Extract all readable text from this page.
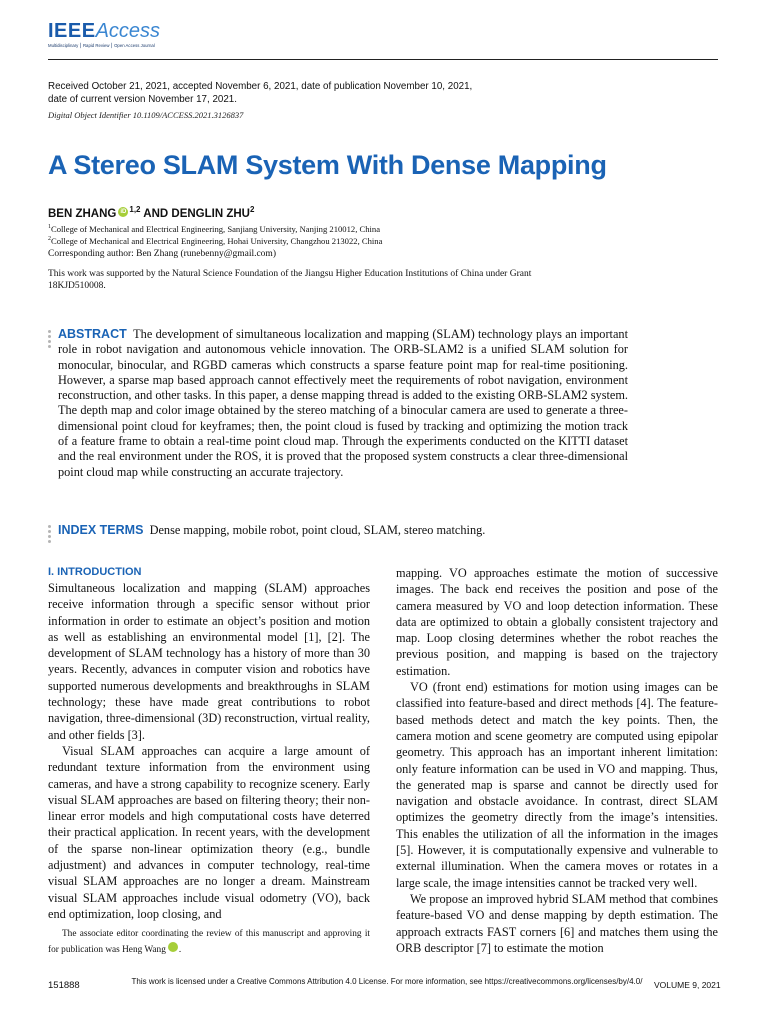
IEEEAccess
Multidisciplinary ⎮ Rapid Review ⎮ Open Access Journal
Received October 21, 2021, accepted November 6, 2021, date of publication November 10, 2021, date of current version November 17, 2021.
Digital Object Identifier 10.1109/ACCESS.2021.3126837
A Stereo SLAM System With Dense Mapping
BEN ZHANG iD $^{1,2}$ AND DENGLIN ZHU$^2$
$^1$College of Mechanical and Electrical Engineering, Sanjiang University, Nanjing 210012, China
$^2$College of Mechanical and Electrical Engineering, Hohai University, Changzhou 213022, China
Corresponding author: Ben Zhang (runebenny@gmail.com)
This work was supported by the Natural Science Foundation of the Jiangsu Higher Education Institutions of China under Grant 18KJD510008.
ABSTRACT The development of simultaneous localization and mapping (SLAM) technology plays an important role in robot navigation and autonomous vehicle innovation. The ORB-SLAM2 is a unified SLAM solution for monocular, binocular, and RGBD cameras which constructs a sparse feature point map for real-time positioning. However, a sparse map based approach cannot effectively meet the requirements of robot navigation, environment reconstruction, and other tasks. In this paper, a dense mapping thread is added to the existing ORB-SLAM2 system. The depth map and color image obtained by the stereo matching of a binocular camera are used to generate a three-dimensional point cloud for keyframes; then, the point cloud is fused by tracking and optimizing the motion track of a feature frame to obtain a real-time point cloud map. Through the experiments conducted on the KITTI dataset and the real environment under the ROS, it is proved that the proposed system constructs a clear three-dimensional point cloud map while constructing an accurate trajectory.
INDEX TERMS Dense mapping, mobile robot, point cloud, SLAM, stereo matching.
I. INTRODUCTION

Simultaneous localization and mapping (SLAM) approaches receive information through a specific sensor without prior information in order to estimate an object’s position and motion as well as establishing an environmental model [1], [2]. The development of SLAM technology has a history of more than 30 years. Recently, advances in computer vision and robotics have supported numerous developments and breakthroughs in SLAM technology; these have made great contributions to robot navigation, three-dimensional (3D) reconstruction, virtual reality, and other fields [3].

Visual SLAM approaches can acquire a large amount of redundant texture information from the environment using cameras, and have a strong capability to recognize scenery. Early visual SLAM approaches are based on filtering theory; their non-linear error models and high computational costs have deterred their practical application. In recent years, with the development of the sparse non-linear optimization theory (e.g., bundle adjustment) and advances in computer technology, real-time visual SLAM approaches are no longer a dream. Mainstream visual SLAM approaches include visual odometry (VO), back end optimization, loop closing, and

mapping. VO approaches estimate the motion of successive images. The back end receives the position and pose of the camera measured by VO and loop detection information. These data are optimized to obtain a globally consistent trajectory and map. Loop closing determines whether the robot reaches the previous position, and mapping is based on the trajectory estimation.

VO (front end) estimations for motion using images can be classified into feature-based and direct methods [4]. The feature-based methods detect and match the key points. Then, the camera motion and scene geometry are computed using epipolar geometry. This approach has an important inherent limitation: only feature information can be used in VO and mapping. Thus, the generated map is sparse and cannot be directly used for navigation and obstacle avoidance. In contrast, direct SLAM optimizes the geometry directly from the image’s intensities. This enables the utilization of all the information in the images [5]. However, it is computationally expensive and vulnerable to external illumination. When the camera moves or rotates in a large scale, the image intensities cannot be tracked very well.

We propose an improved hybrid SLAM method that combines feature-based VO and dense mapping by depth estimation. The approach extracts FAST corners [6] and matches them using the ORB descriptor [7] to estimate the motion

The associate editor coordinating the review of this manuscript and approving it for publication was Heng Wang	iD.
151888	This work is licensed under a Creative Commons Attribution 4.0 License. For more information, see https://creativecommons.org/licenses/by/4.0/	VOLUME 9, 2021
